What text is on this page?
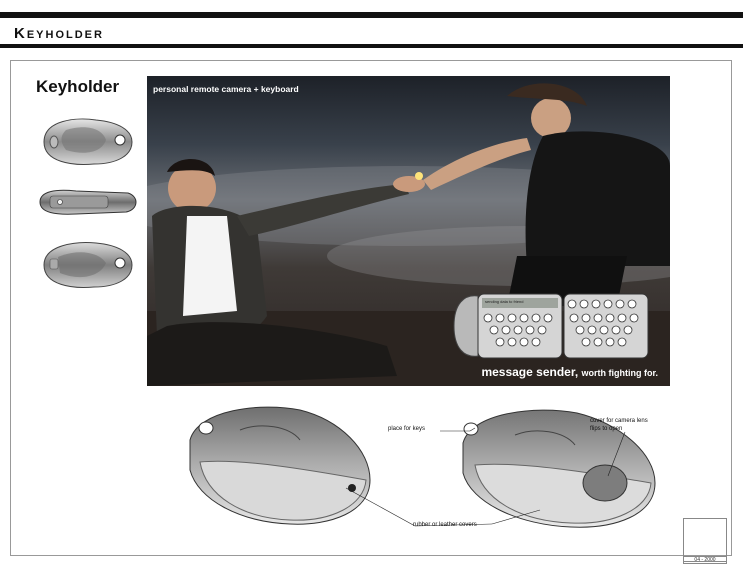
Keyholder
Keyholder
sending data to friend
personal remote camera + keyboard
message sender, worth fighting for.
place for keys
cover for camera lens
flips to open
rubber or leather covers
04 - 2000
